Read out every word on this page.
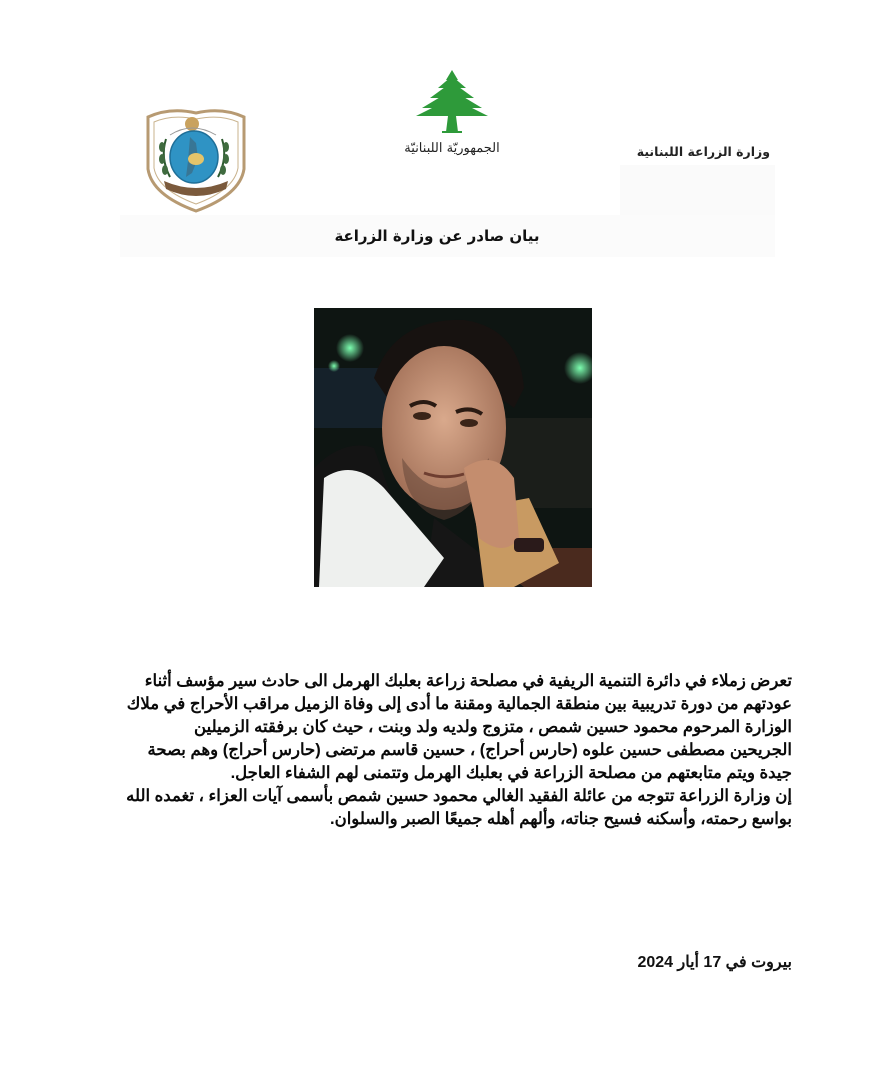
الجمهوريّة اللبنانيّة	وزارة الزراعة اللبنانية
بيان صادر عن وزارة الزراعة
تعرض زملاء في دائرة التنمية الريفية في مصلحة زراعة بعلبك الهرمل الى حادث سير مؤسف أثناء
عودتهم من دورة تدريبية بين منطقة الجمالية ومقنة ما أدى إلى وفاة الزميل مراقب الأحراج في ملاك
الوزارة المرحوم محمود حسين شمص ، متزوج ولديه ولد وبنت ، حيث كان برفقته الزميلين
الجريحين مصطفى حسين علوه (حارس أحراج) ، حسين قاسم مرتضى (حارس أحراج) وهم بصحة
جيدة ويتم متابعتهم من مصلحة الزراعة في بعلبك الهرمل وتتمنى لهم الشفاء العاجل.
إن وزارة الزراعة تتوجه من عائلة الفقيد الغالي محمود حسين شمص بأسمى آيات العزاء ، تغمده الله
بواسع رحمته، وأسكنه فسيح جناته، وألهم أهله جميعًا الصبر والسلوان.
بيروت في 17 أيار 2024
